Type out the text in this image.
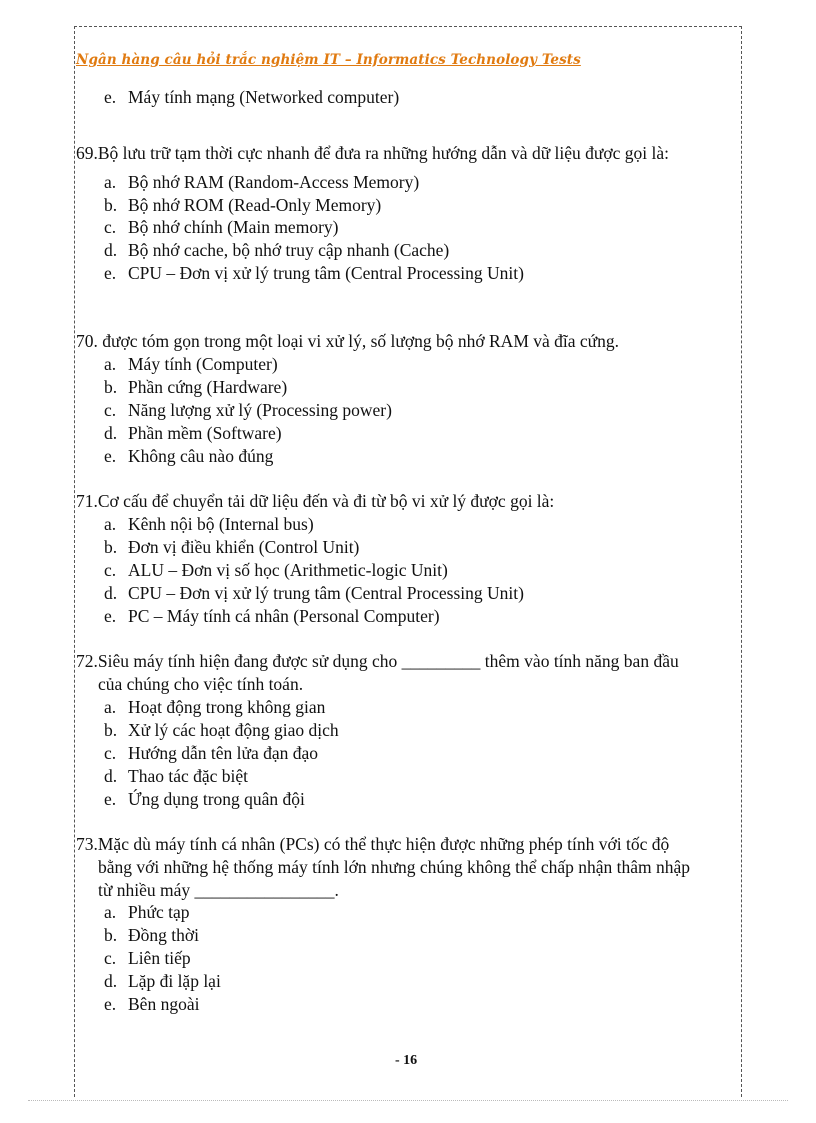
Ngân hàng câu hỏi trắc nghiệm IT – Informatics Technology Tests
e. Máy tính mạng (Networked computer)
69.Bộ lưu trữ tạm thời cực nhanh để đưa ra những hướng dẫn và dữ liệu được gọi là:
a. Bộ nhớ RAM (Random-Access Memory)
b. Bộ nhớ ROM (Read-Only Memory)
c. Bộ nhớ chính (Main memory)
d. Bộ nhớ cache, bộ nhớ truy cập nhanh (Cache)
e. CPU – Đơn vị xử lý trung tâm (Central Processing Unit)
70. được tóm gọn trong một loại vi xử lý, số lượng bộ nhớ RAM và đĩa cứng.
a. Máy tính (Computer)
b. Phần cứng (Hardware)
c. Năng lượng xử lý (Processing power)
d. Phần mềm (Software)
e. Không câu nào đúng
71.Cơ cấu để chuyển tải dữ liệu đến và đi từ bộ vi xử lý được gọi là:
a. Kênh nội bộ (Internal bus)
b. Đơn vị điều khiển (Control Unit)
c. ALU – Đơn vị số học (Arithmetic-logic Unit)
d. CPU – Đơn vị xử lý trung tâm (Central Processing Unit)
e. PC – Máy tính cá nhân (Personal Computer)
72.Siêu máy tính hiện đang được sử dụng cho _________ thêm vào tính năng ban đầu
của chúng cho việc tính toán.
a. Hoạt động trong không gian
b. Xử lý các hoạt động giao dịch
c. Hướng dẫn tên lửa đạn đạo
d. Thao tác đặc biệt
e. Ứng dụng trong quân đội
73.Mặc dù máy tính cá nhân (PCs) có thể thực hiện được những phép tính với tốc độ
bằng với những hệ thống máy tính lớn nhưng chúng không thể chấp nhận thâm nhập
từ nhiều máy ________________.
a. Phức tạp
b. Đồng thời
c. Liên tiếp
d. Lặp đi lặp lại
e. Bên ngoài
- 16
